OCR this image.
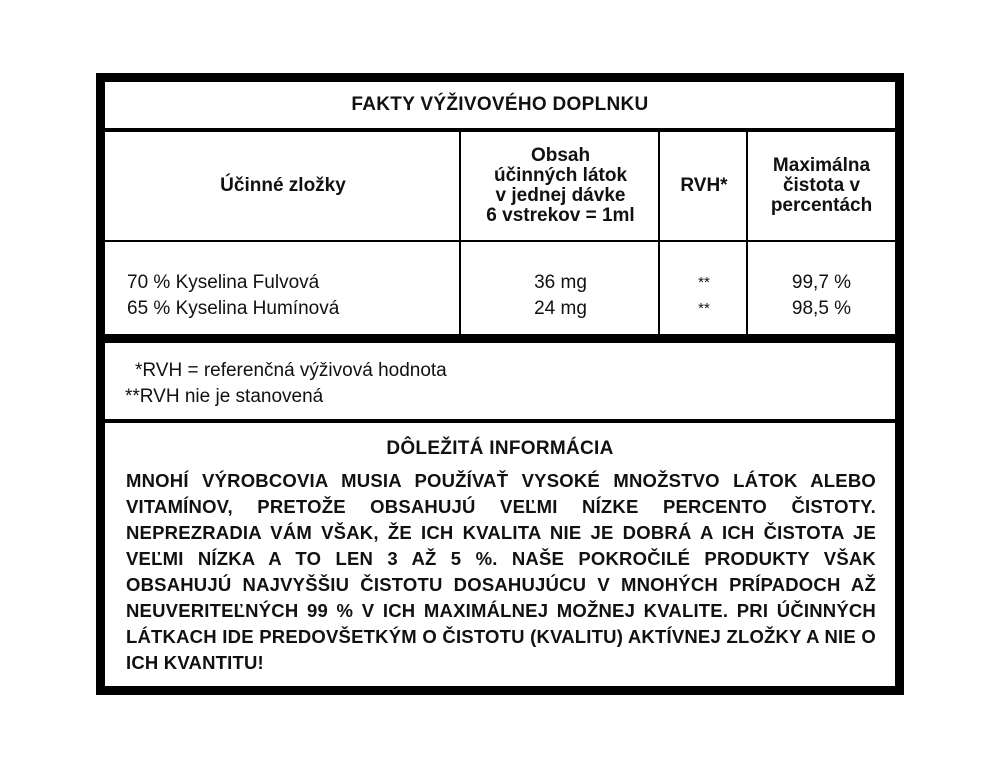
FAKTY VÝŽIVOVÉHO DOPLNKU
Účinné zložky
Obsah
účinných látok
v jednej dávke
6 vstrekov = 1ml
RVH*
Maximálna
čistota v
percentách
70 % Kyselina Fulvová
65 % Kyselina Humínová
36 mg
24 mg
**
**
99,7 %
98,5 %
*RVH = referenčná výživová hodnota
**RVH nie je stanovená
DÔLEŽITÁ INFORMÁCIA
MNOHÍ VÝROBCOVIA MUSIA POUŽÍVAŤ VYSOKÉ MNOŽSTVO LÁTOK ALEBO VITAMÍNOV, PRETOŽE OBSAHUJÚ VEĽMI NÍZKE PERCENTO ČISTOTY. NEPREZRADIA VÁM VŠAK, ŽE ICH KVALITA NIE JE DOBRÁ A ICH ČISTOTA JE VEĽMI NÍZKA A TO LEN 3 AŽ 5 %. NAŠE POKROČILÉ PRODUKTY VŠAK OBSAHUJÚ NAJVYŠŠIU ČISTOTU DOSAHUJÚCU V MNOHÝCH PRÍPADOCH AŽ NEUVERITEĽNÝCH 99 % V ICH MAXIMÁLNEJ MOŽNEJ KVALITE. PRI ÚČINNÝCH LÁTKACH IDE PREDOVŠETKÝM O ČISTOTU (KVALITU) AKTÍVNEJ ZLOŽKY A NIE O ICH KVANTITU!
